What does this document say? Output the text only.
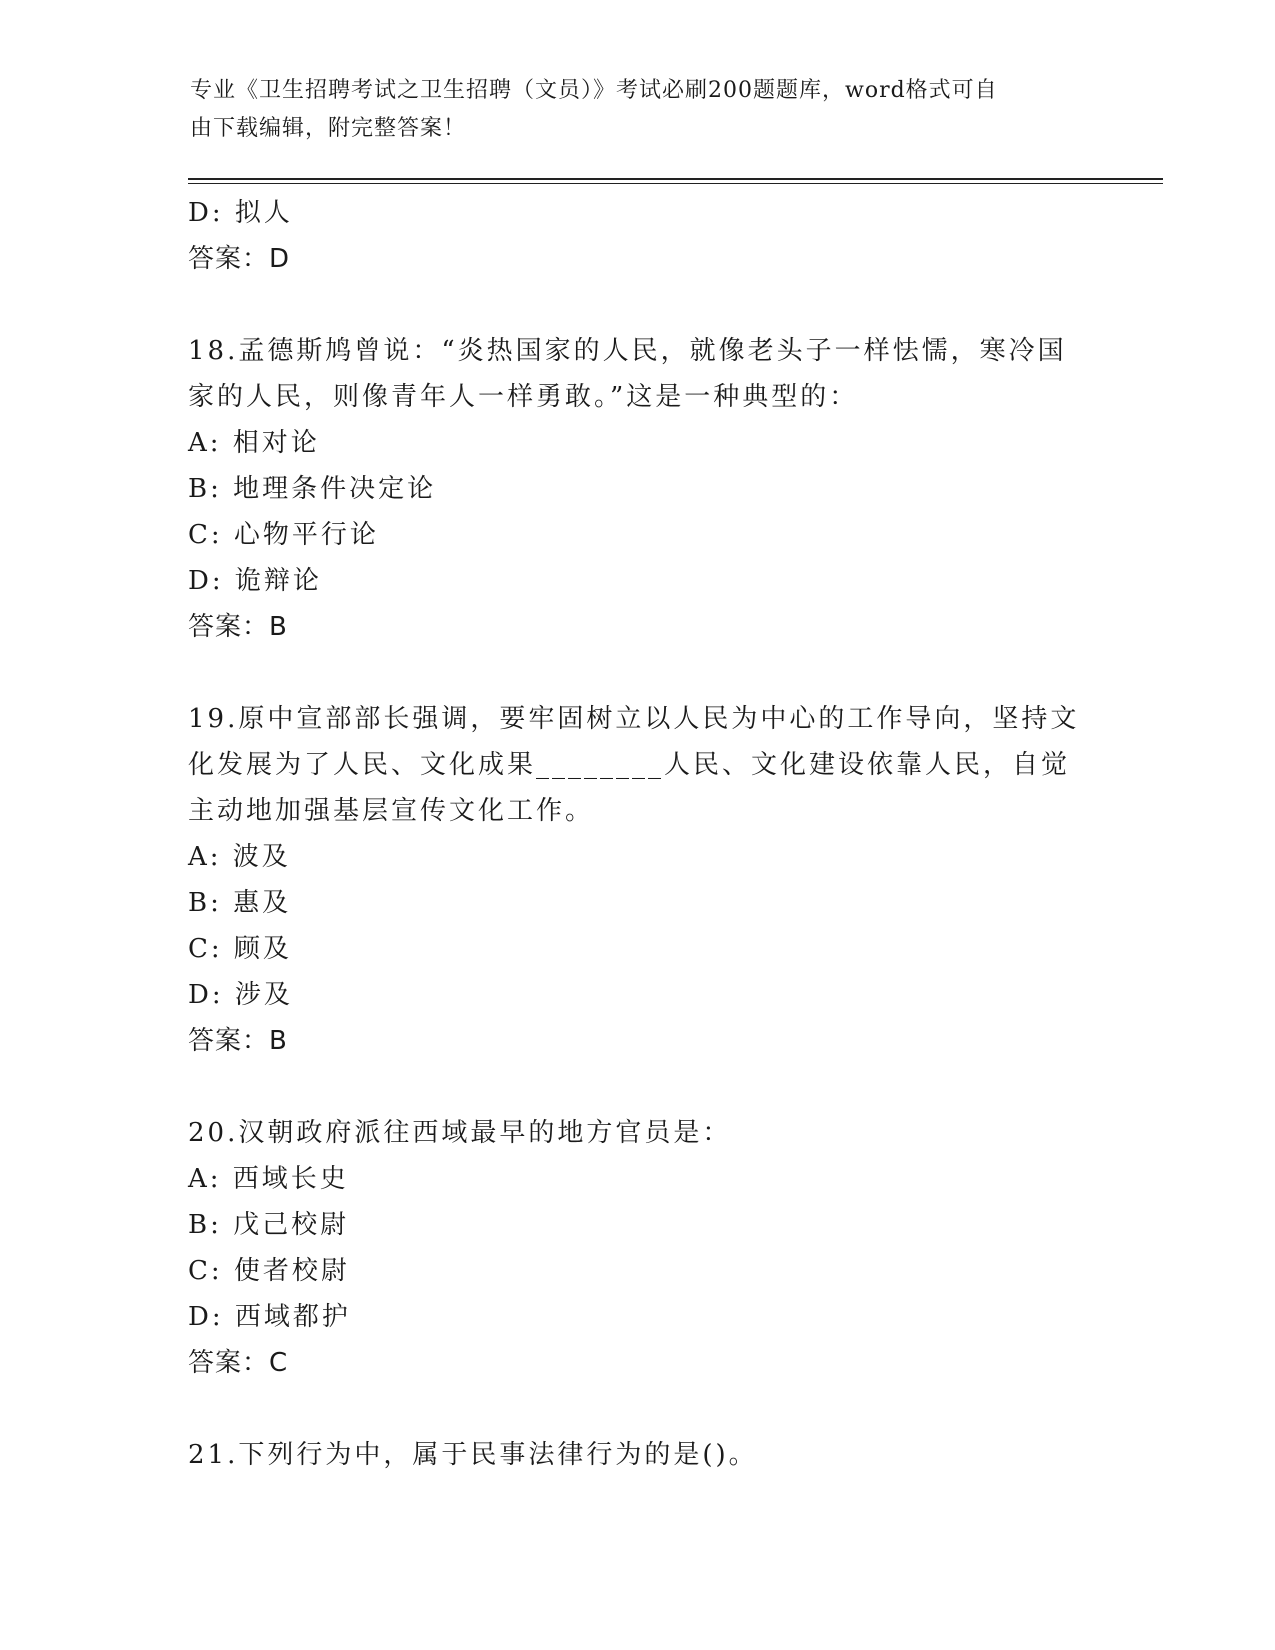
专业《卫生招聘考试之卫生招聘（文员）》考试必刷200题题库，word格式可自
由下载编辑，附完整答案！
D: 拟人
答案：D
18.孟德斯鸠曾说：“炎热国家的人民，就像老头子一样怯懦，寒冷国
家的人民，则像青年人一样勇敢。”这是一种典型的：
A: 相对论
B: 地理条件决定论
C: 心物平行论
D: 诡辩论
答案：B
19.原中宣部部长强调，要牢固树立以人民为中心的工作导向，坚持文
化发展为了人民、文化成果________人民、文化建设依靠人民，自觉
主动地加强基层宣传文化工作。
A: 波及
B: 惠及
C: 顾及
D: 涉及
答案：B
20.汉朝政府派往西域最早的地方官员是：
A: 西域长史
B: 戊己校尉
C: 使者校尉
D: 西域都护
答案：C
21.下列行为中，属于民事法律行为的是()。
